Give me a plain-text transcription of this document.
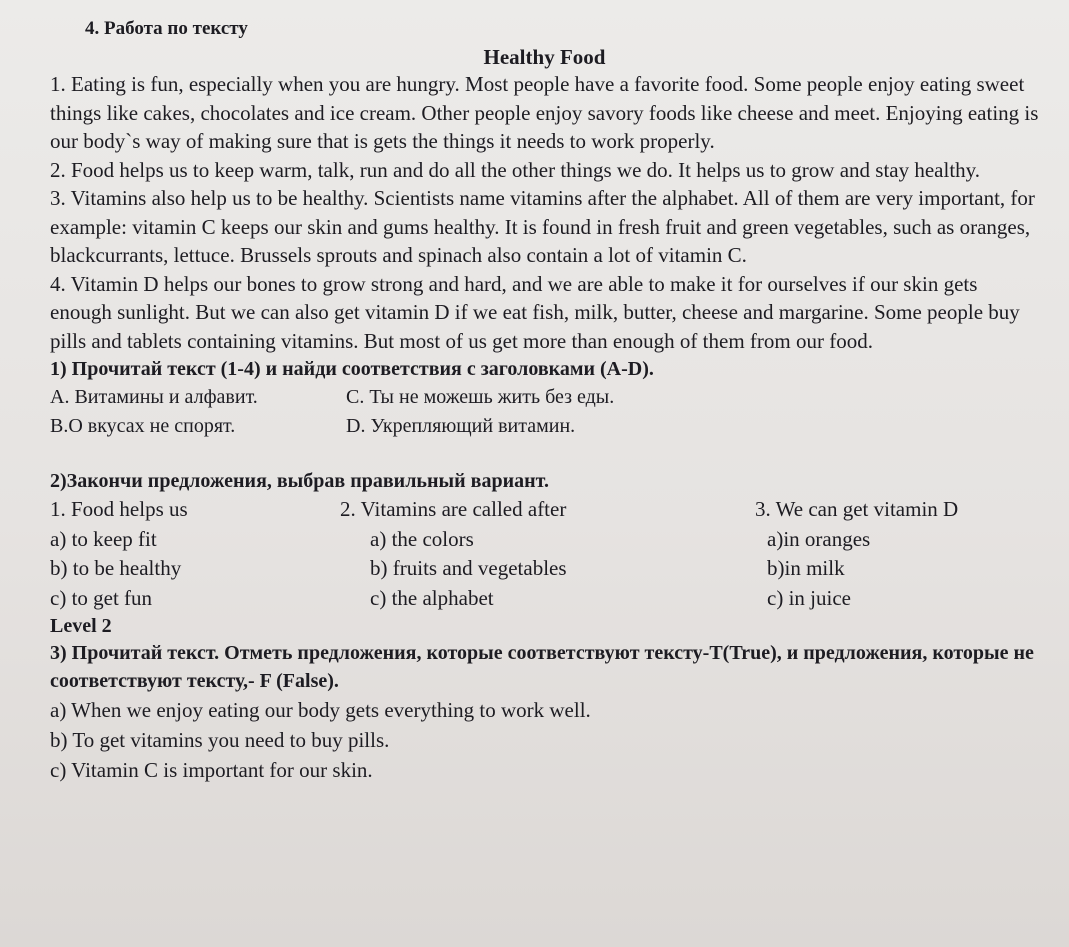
4. Работа по тексту
Healthy Food

1. Eating is fun, especially when you are hungry. Most people have a favorite food. Some people enjoy eating sweet things like cakes, chocolates and ice cream. Other people enjoy savory foods like cheese and meet. Enjoying eating is our body`s way of making sure that is gets the things it needs to work properly.

2. Food helps us to keep warm, talk, run and do all the other things we do. It helps us to grow and stay healthy.

3. Vitamins also help us to be healthy. Scientists name vitamins after the alphabet. All of them are very important, for example: vitamin C keeps our skin and gums healthy. It is found in fresh fruit and green vegetables, such as oranges, blackcurrants, lettuce. Brussels sprouts and spinach also contain a lot of vitamin C.

4. Vitamin D helps our bones to grow strong and hard, and we are able to make it for ourselves if our skin gets enough sunlight. But we can also get vitamin D if we eat fish, milk, butter, cheese and margarine. Some people buy pills and tablets containing vitamins. But most of us get more than enough of them from our food.

1) Прочитай текст (1-4) и найди соответствия с заголовками (A-D).

A. Витамины и алфавит.	C. Ты не можешь жить без еды.
B.О вкусах не спорят.	D. Укрепляющий витамин.

2)Закончи предложения, выбрав правильный вариант.

1. Food helps us
a) to keep fit
b) to be healthy
c) to get fun
2. Vitamins are called after
a) the colors
b) fruits and vegetables
c) the alphabet
3. We can get vitamin D
a)in oranges
b)in milk
c) in juice

Level 2

3) Прочитай текст. Отметь предложения, которые соответствуют тексту-T(True), и предложения, которые не соответствуют тексту,- F (False).

a) When we enjoy eating our body gets everything to work well.
b) To get vitamins you need to buy pills.
c) Vitamin C is important for our skin.
